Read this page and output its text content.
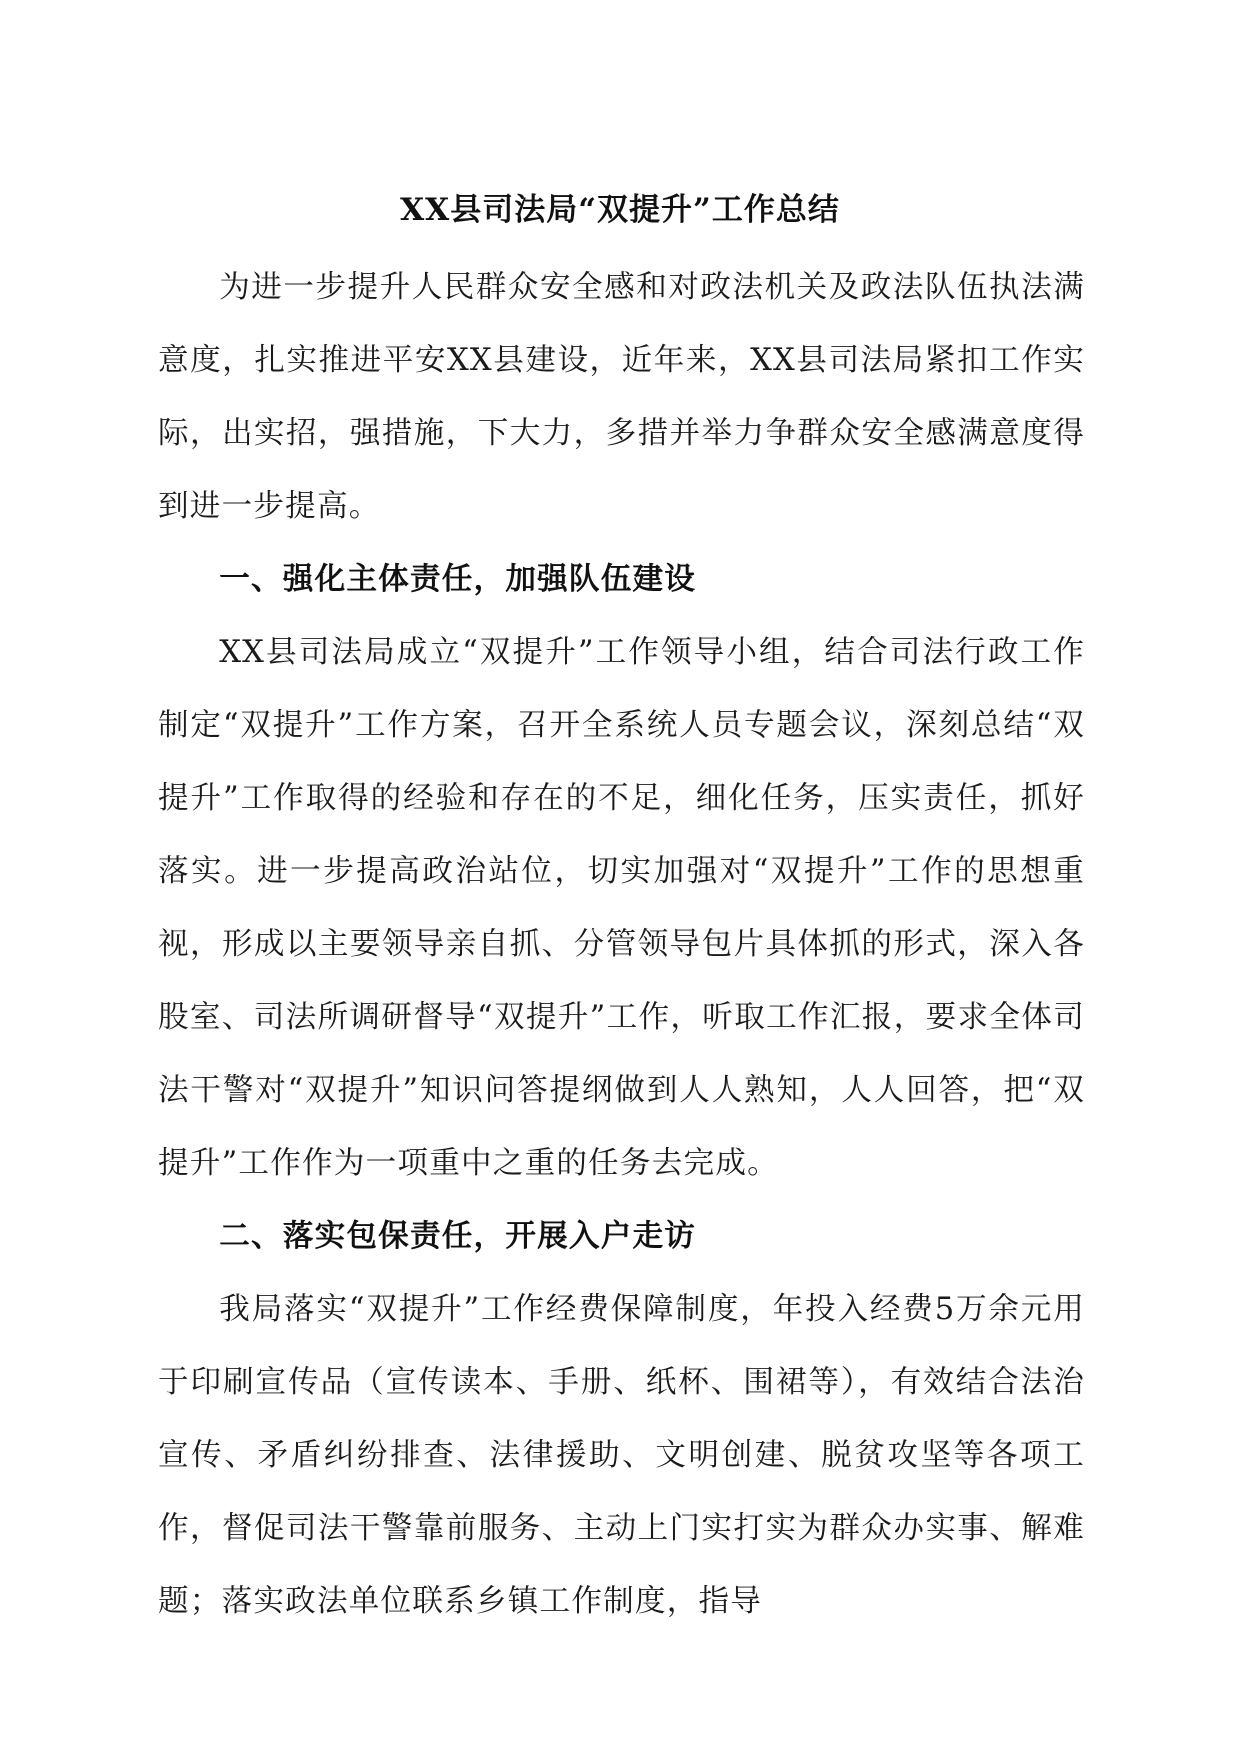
XX县司法局“双提升”工作总结

为进一步提升人民群众安全感和对政法机关及政法队伍执法满意度，扎实推进平安XX县建设，近年来，XX县司法局紧扣工作实际，出实招，强措施，下大力，多措并举力争群众安全感满意度得到进一步提高。

一、强化主体责任，加强队伍建设

XX县司法局成立“双提升”工作领导小组，结合司法行政工作制定“双提升”工作方案，召开全系统人员专题会议，深刻总结“双提升”工作取得的经验和存在的不足，细化任务，压实责任，抓好落实。进一步提高政治站位，切实加强对“双提升”工作的思想重视，形成以主要领导亲自抓、分管领导包片具体抓的形式，深入各股室、司法所调研督导“双提升”工作，听取工作汇报，要求全体司法干警对“双提升”知识问答提纲做到人人熟知，人人回答，把“双提升”工作作为一项重中之重的任务去完成。

二、落实包保责任，开展入户走访

我局落实“双提升”工作经费保障制度，年投入经费5万余元用于印刷宣传品（宣传读本、手册、纸杯、围裙等），有效结合法治宣传、矛盾纠纷排查、法律援助、文明创建、脱贫攻坚等各项工作，督促司法干警靠前服务、主动上门实打实为群众办实事、解难题；落实政法单位联系乡镇工作制度，指导
